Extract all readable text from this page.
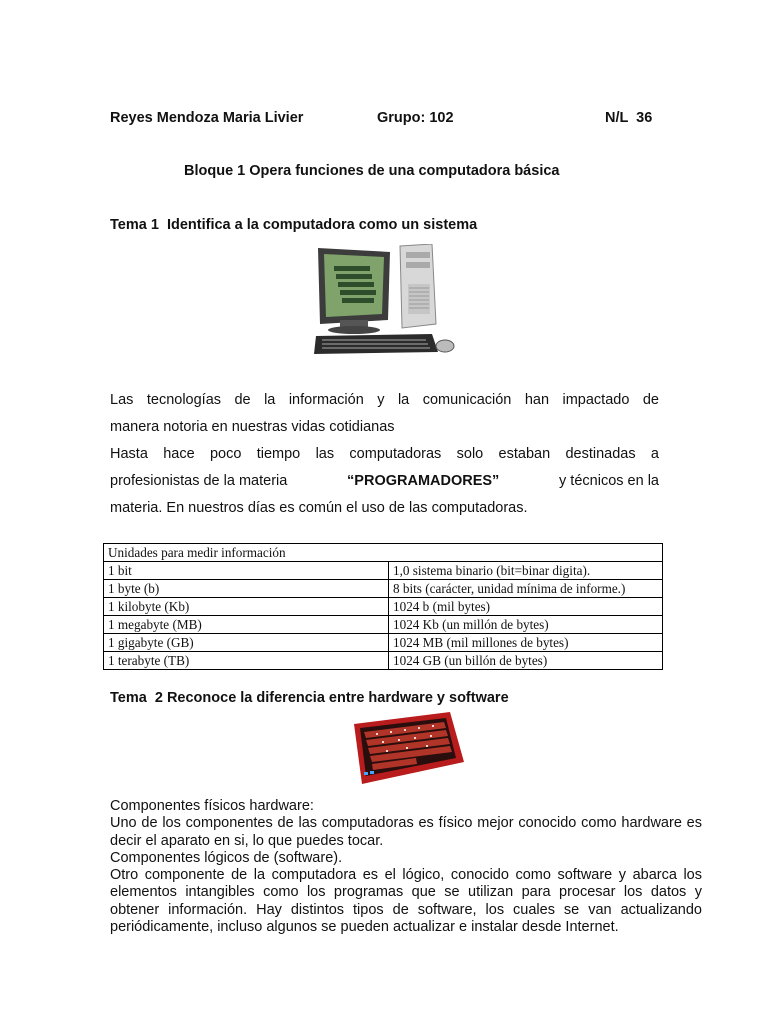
Reyes Mendoza Maria Livier	Grupo: 102	N/L  36
Bloque 1 Opera funciones de una computadora básica
Tema 1  Identifica a la computadora como un sistema
Las tecnologías de la información y la comunicación han impactado de
manera notoria en nuestras vidas cotidianas
Hasta hace poco tiempo las computadoras solo estaban destinadas a
profesionistas de la materia	“PROGRAMADORES”	y técnicos en la
materia. En nuestros días es común el uso de las computadoras.
Unidades para medir información	
1 bit	1,0 sistema binario (bit=binar digita).
1 byte (b)	8 bits (carácter, unidad mínima de informe.)
1 kilobyte (Kb)	1024 b (mil bytes)
1 megabyte (MB)	1024 Kb (un millón de bytes)
1 gigabyte (GB)	1024 MB (mil millones de bytes)
1 terabyte (TB)	1024 GB (un billón de bytes)
Tema  2 Reconoce la diferencia entre hardware y software
Componentes físicos hardware:
Uno de los componentes de las computadoras es físico mejor conocido como hardware es decir el aparato en si, lo que puedes tocar.
Componentes lógicos de (software).
Otro componente de la computadora es el lógico, conocido como software y abarca los elementos intangibles como los programas que se utilizan para procesar los datos y obtener información. Hay distintos tipos de software, los cuales se van actualizando periódicamente, incluso algunos se pueden actualizar e instalar desde Internet.
